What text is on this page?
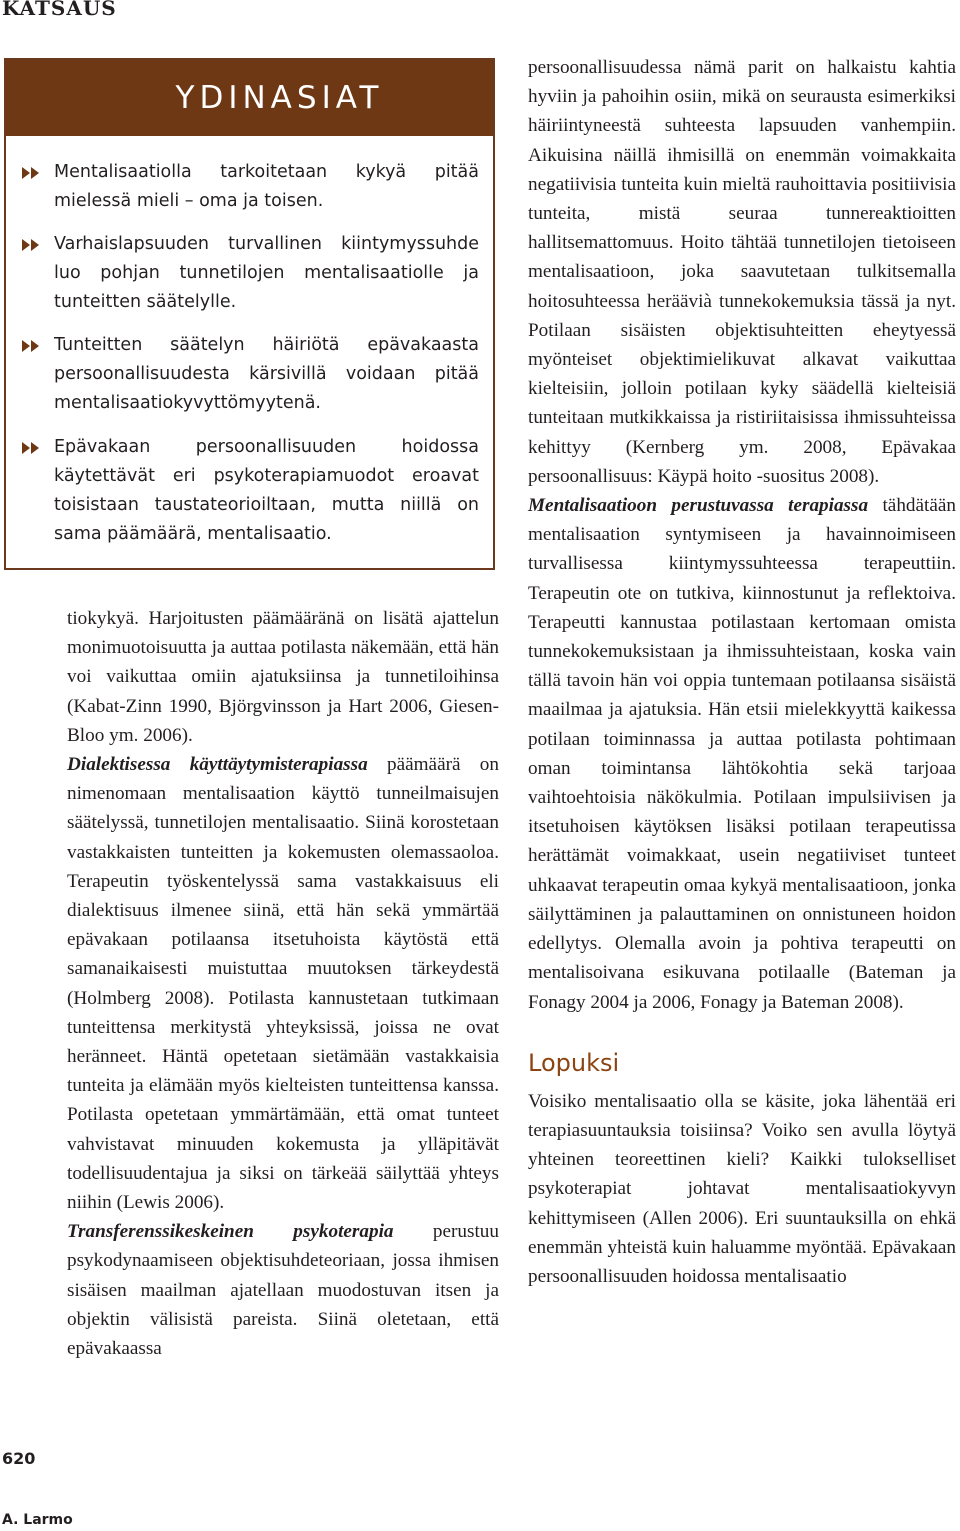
KATSAUS
YDINASIAT
Mentalisaatiolla tarkoitetaan kykyä pitää mielessä mieli – oma ja toisen.
Varhaislapsuuden turvallinen kiintymyssuhde luo pohjan tunnetilojen mentalisaatiolle ja tunteitten säätelylle.
Tunteitten säätelyn häiriötä epävakaasta persoonallisuudesta kärsivillä voidaan pitää mentalisaatiokyvyttömyytenä.
Epävakaan persoonallisuuden hoidossa käytettävät eri psykoterapiamuodot eroavat toisistaan taustateorioiltaan, mutta niillä on sama päämäärä, mentalisaatio.

tiokykyä. Harjoitusten päämääränä on lisätä ajattelun monimuotoisuutta ja auttaa potilasta näkemään, että hän voi vaikuttaa omiin ajatuksiinsa ja tunnetiloihinsa (Kabat-Zinn 1990, Björgvinsson ja Hart 2006, Giesen-Bloo ym. 2006).

Dialektisessa käyttäytymisterapiassa päämäärä on nimenomaan mentalisaation käyttö tunneilmaisujen säätelyssä, tunnetilojen mentalisaatio. Siinä korostetaan vastakkaisten tunteitten ja kokemusten olemassaoloa. Terapeutin työskentelyssä sama vastakkaisuus eli dialektisuus ilmenee siinä, että hän sekä ymmärtää epävakaan potilaansa itsetuhoista käytöstä että samanaikaisesti muistuttaa muutoksen tärkeydestä (Holmberg 2008). Potilasta kannustetaan tutkimaan tunteittensa merkitystä yhteyksissä, joissa ne ovat heränneet. Häntä opetetaan sietämään vastakkaisia tunteita ja elämään myös kielteisten tunteittensa kanssa. Potilasta opetetaan ymmärtämään, että omat tunteet vahvistavat minuuden kokemusta ja ylläpitävät todellisuudentajua ja siksi on tärkeää säilyttää yhteys niihin (Lewis 2006).

Transferenssikeskeinen psykoterapia perustuu psykodynaamiseen objektisuhdeteoriaan, jossa ihmisen sisäisen maailman ajatellaan muodostuvan itsen ja objektin välisistä pareista. Siinä oletetaan, että epävakaassa

persoonallisuudessa nämä parit on halkaistu kahtia hyviin ja pahoihin osiin, mikä on seurausta esimerkiksi häiriintyneestä suhteesta lapsuuden vanhempiin. Aikuisina näillä ihmisillä on enemmän voimakkaita negatiivisia tunteita kuin mieltä rauhoittavia positiivisia tunteita, mistä seuraa tunnereaktioitten hallitsemattomuus. Hoito tähtää tunnetilojen tietoiseen mentalisaatioon, joka saavutetaan tulkitsemalla hoitosuhteessa heräävià tunnekokemuksia tässä ja nyt. Potilaan sisäisten objektisuhteitten eheytyessä myönteiset objektimielikuvat alkavat vaikuttaa kielteisiin, jolloin potilaan kyky säädellä kielteisiä tunteitaan mutkikkaissa ja ristiriitaisissa ihmissuhteissa kehittyy (Kernberg ym. 2008, Epävakaa persoonallisuus: Käypä hoito -suositus 2008).

Mentalisaatioon perustuvassa terapiassa tähdätään mentalisaation syntymiseen ja havainnoimiseen turvallisessa kiintymyssuhteessa terapeuttiin. Terapeutin ote on tutkiva, kiinnostunut ja reflektoiva. Terapeutti kannustaa potilastaan kertomaan omista tunnekokemuksistaan ja ihmissuhteistaan, koska vain tällä tavoin hän voi oppia tuntemaan potilaansa sisäistä maailmaa ja ajatuksia. Hän etsii mielekkyyttä kaikessa potilaan toiminnassa ja auttaa potilasta pohtimaan oman toimintansa lähtökohtia sekä tarjoaa vaihtoehtoisia näkökulmia. Potilaan impulsiivisen ja itsetuhoisen käytöksen lisäksi potilaan terapeutissa herättämät voimakkaat, usein negatiiviset tunteet uhkaavat terapeutin omaa kykyä mentalisaatioon, jonka säilyttäminen ja palauttaminen on onnistuneen hoidon edellytys. Olemalla avoin ja pohtiva terapeutti on mentalisoivana esikuvana potilaalle (Bateman ja Fonagy 2004 ja 2006, Fonagy ja Bateman 2008).

Lopuksi

Voisiko mentalisaatio olla se käsite, joka lähentää eri terapiasuuntauksia toisiinsa? Voiko sen avulla löytyä yhteinen teoreettinen kieli? Kaikki tulokselliset psykoterapiat johtavat mentalisaatiokyvyn kehittymiseen (Allen 2006). Eri suuntauksilla on ehkä enemmän yhteistä kuin haluamme myöntää. Epävakaan persoonallisuuden hoidossa mentalisaatio

620
A. Larmo
